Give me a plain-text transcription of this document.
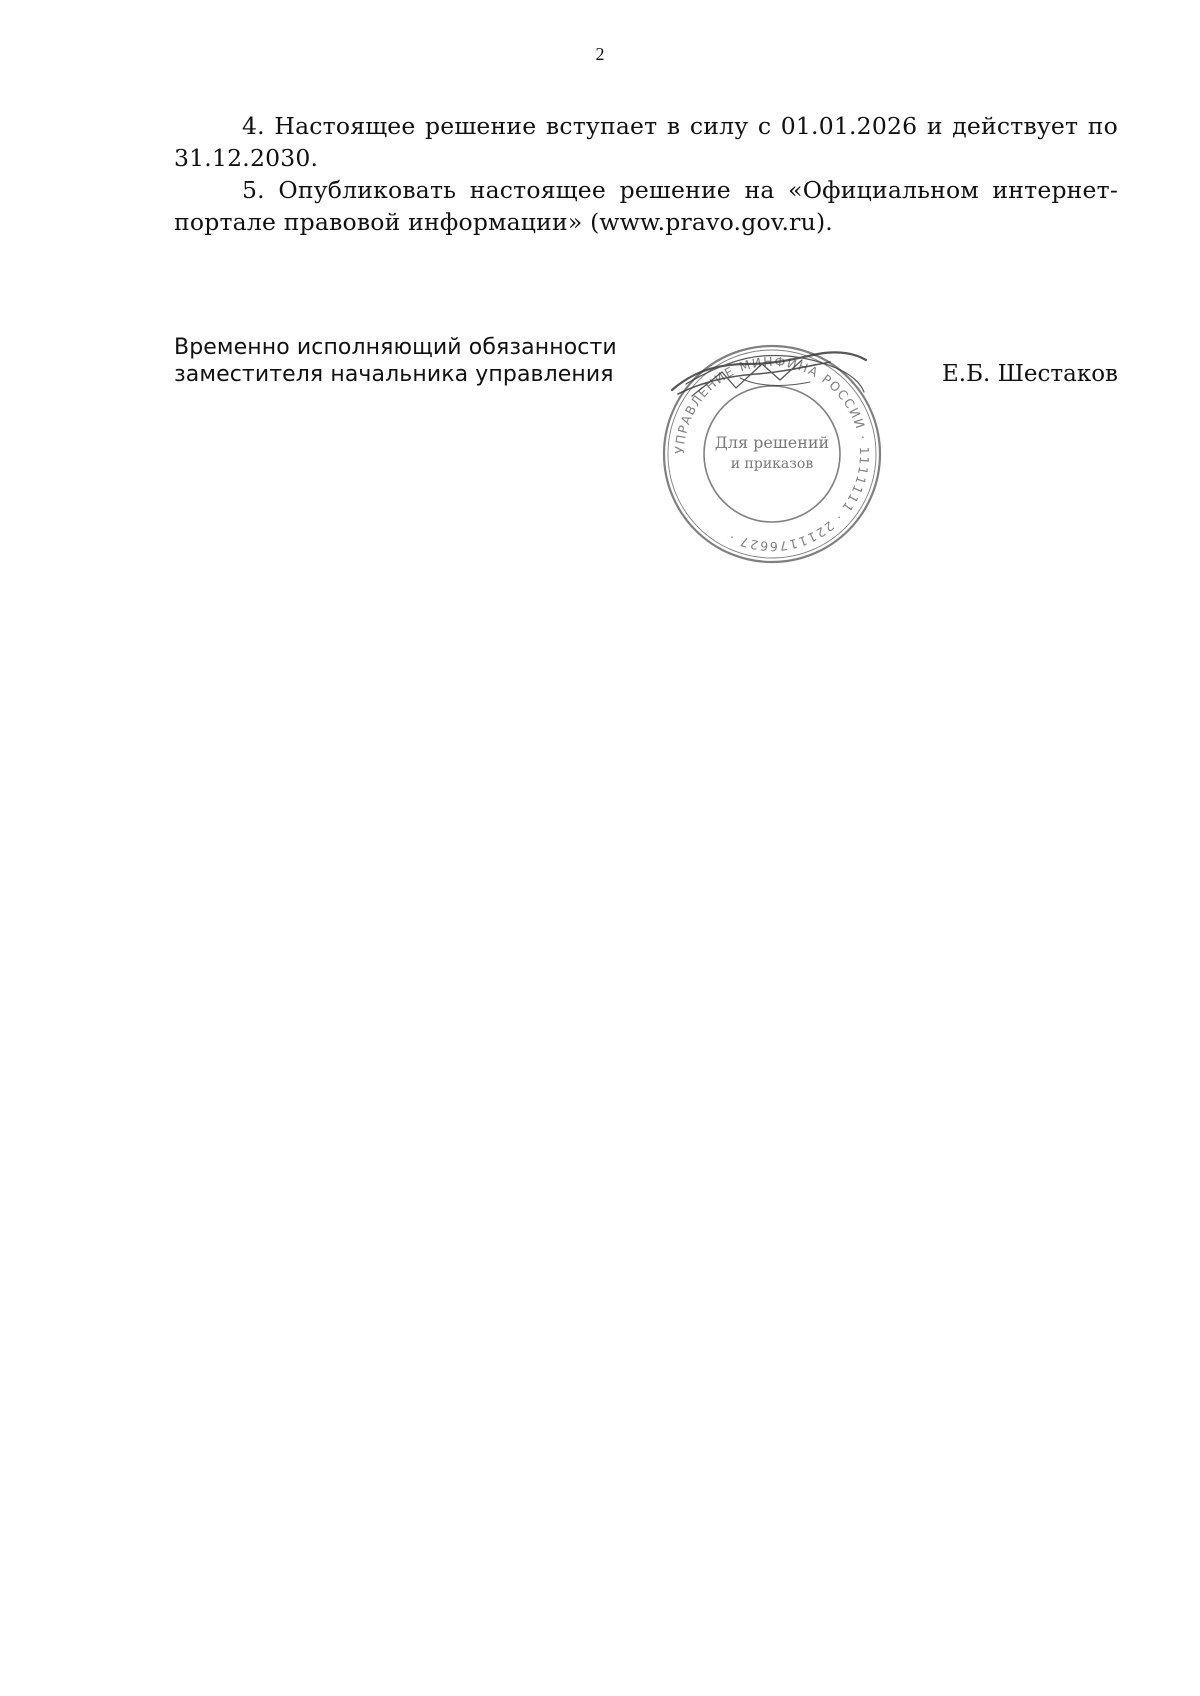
2

4. Настоящее решение вступает в силу с 01.01.2026 и действует по 31.12.2030.

5. Опубликовать настоящее решение на «Официальном интернет-портале правовой информации» (www.pravo.gov.ru).

Временно исполняющий обязанности
заместителя начальника управления
УПРАВЛЕНИЕ МИНФИНА РОССИИ · 1111111 · 2211176627 ·
Для решений
и приказов
Е.Б. Шестаков
